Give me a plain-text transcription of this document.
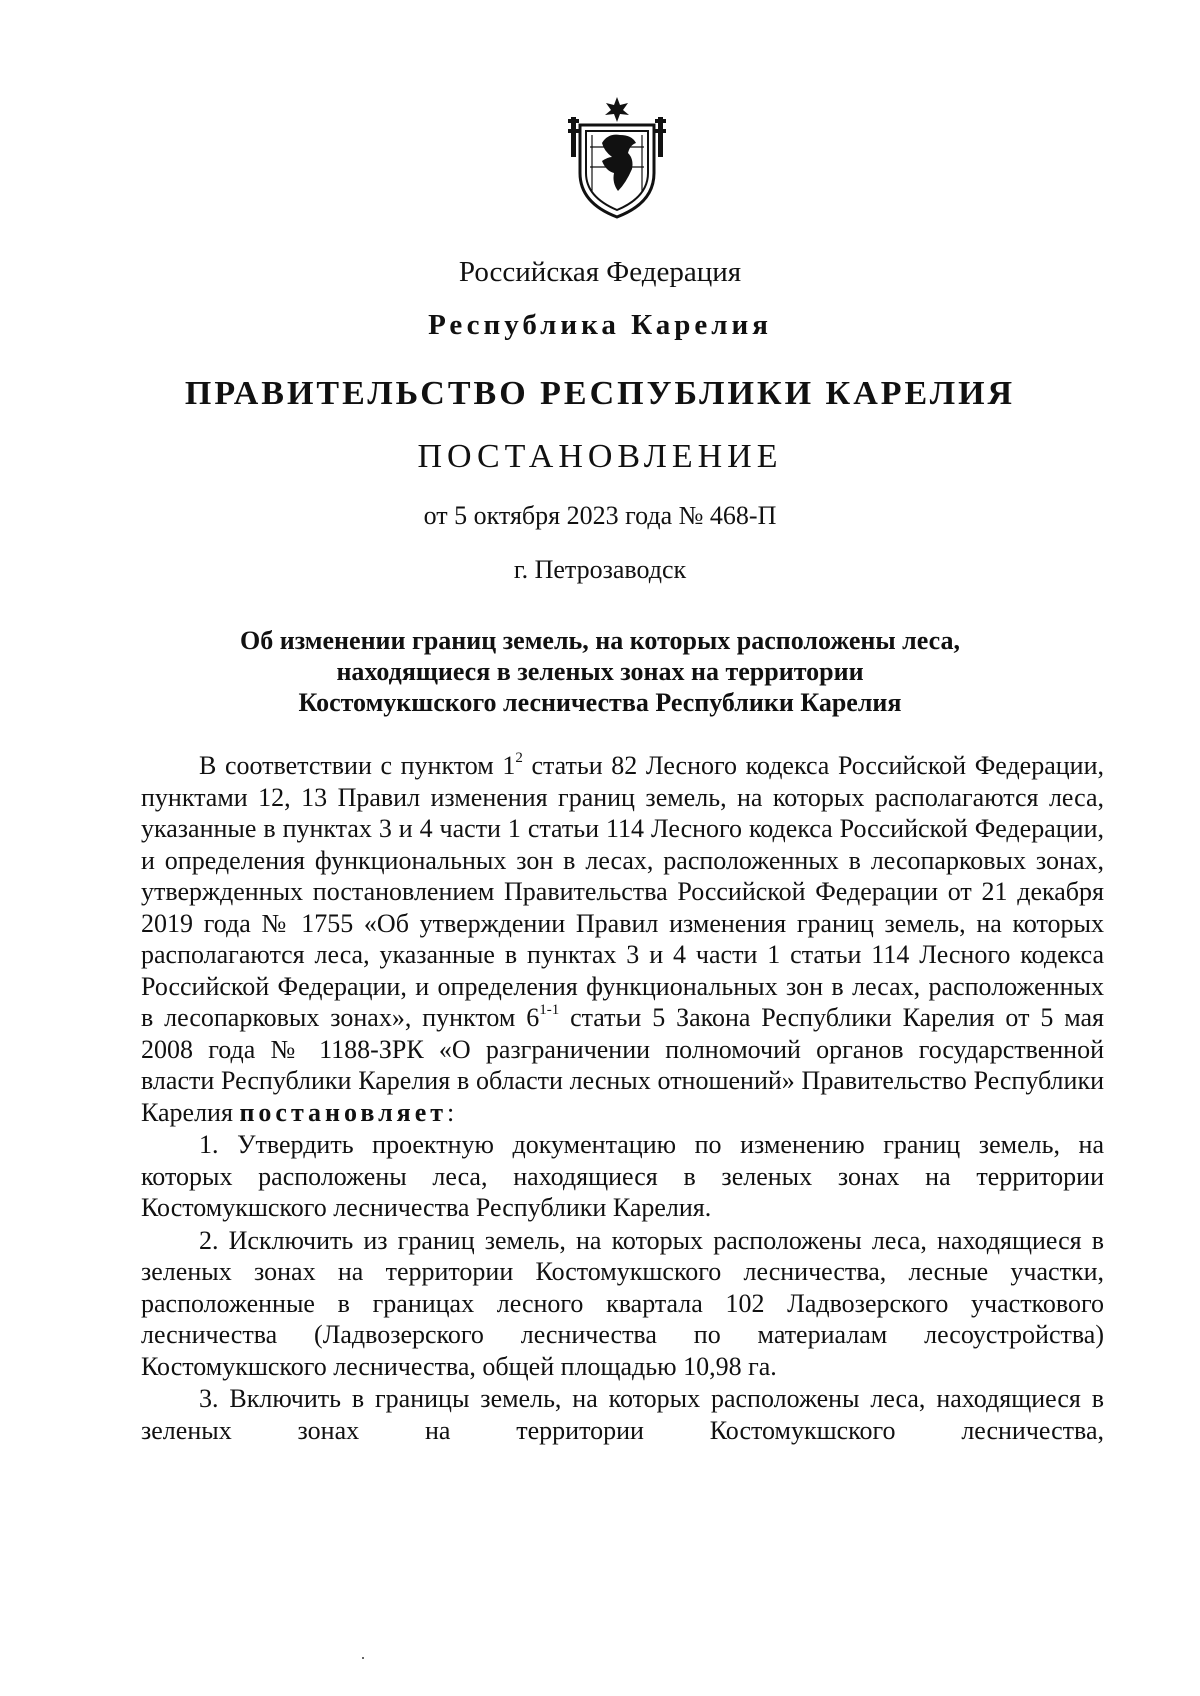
Российская Федерация
Республика Карелия
ПРАВИТЕЛЬСТВО РЕСПУБЛИКИ КАРЕЛИЯ
ПОСТАНОВЛЕНИЕ
от 5 октября 2023 года № 468-П
г. Петрозаводск
Об изменении границ земель, на которых расположены леса,
находящиеся в зеленых зонах на территории
Костомукшского лесничества Республики Карелия

В соответствии с пунктом $1^2$ статьи 82 Лесного кодекса Российской Федерации, пунктами 12, 13 Правил изменения границ земель, на которых располагаются леса, указанные в пунктах 3 и 4 части 1 статьи 114 Лесного кодекса Российской Федерации, и определения функциональных зон в лесах, расположенных в лесопарковых зонах, утвержденных постановлением Правительства Российской Федерации от 21 декабря 2019 года № 1755 «Об утверждении Правил изменения границ земель, на которых располагаются леса, указанные в пунктах 3 и 4 части 1 статьи 114 Лесного кодекса Российской Федерации, и определения функциональных зон в лесах, расположенных в лесопарковых зонах», пунктом 6$^{1-1}$ статьи 5 Закона Республики Карелия от 5 мая 2008 года № 1188-ЗРК «О разграничении полномочий органов государственной власти Республики Карелия в области лесных отношений» Правительство Республики Карелия постановляет:

1. Утвердить проектную документацию по изменению границ земель, на которых расположены леса, находящиеся в зеленых зонах на территории Костомукшского лесничества Республики Карелия.

2. Исключить из границ земель, на которых расположены леса, находящиеся в зеленых зонах на территории Костомукшского лесничества, лесные участки, расположенные в границах лесного квартала 102 Ладвозерского участкового лесничества (Ладвозерского лесничества по материалам лесоустройства) Костомукшского лесничества, общей площадью 10,98 га.

3. Включить в границы земель, на которых расположены леса, находящиеся в зеленых зонах на территории Костомукшского лесничества,
